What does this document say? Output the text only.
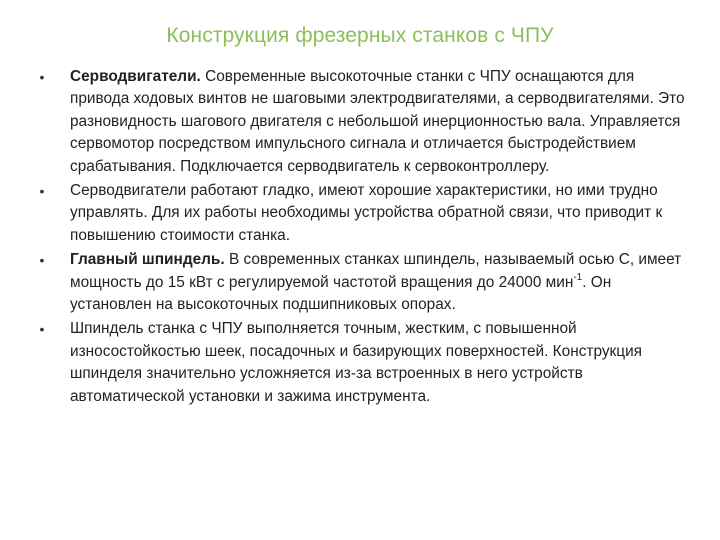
Конструкция фрезерных станков с ЧПУ
• Серводвигатели. Современные высокоточные станки с ЧПУ оснащаются для привода ходовых винтов не шаговыми электродвигателями, а серводвигателями. Это разновидность шагового двигателя с небольшой инерционностью вала. Управляется сервомотор посредством импульсного сигнала и отличается быстродействием срабатывания. Подключается серводвигатель к сервоконтроллеру.
• Серводвигатели работают гладко, имеют хорошие характеристики, но ими трудно управлять. Для их работы необходимы устройства обратной связи, что приводит к повышению стоимости станка.
• Главный шпиндель. В современных станках шпиндель, называемый осью С, имеет мощность до 15 кВт с регулируемой частотой вращения до 24000 мин$^{-1}$. Он установлен на высокоточных подшипниковых опорах.
• Шпиндель станка с ЧПУ выполняется точным, жестким, с повышенной износостойкостью шеек, посадочных и базирующих поверхностей. Конструкция шпинделя значительно усложняется из-за встроенных в него устройств автоматической установки и зажима инструмента.
